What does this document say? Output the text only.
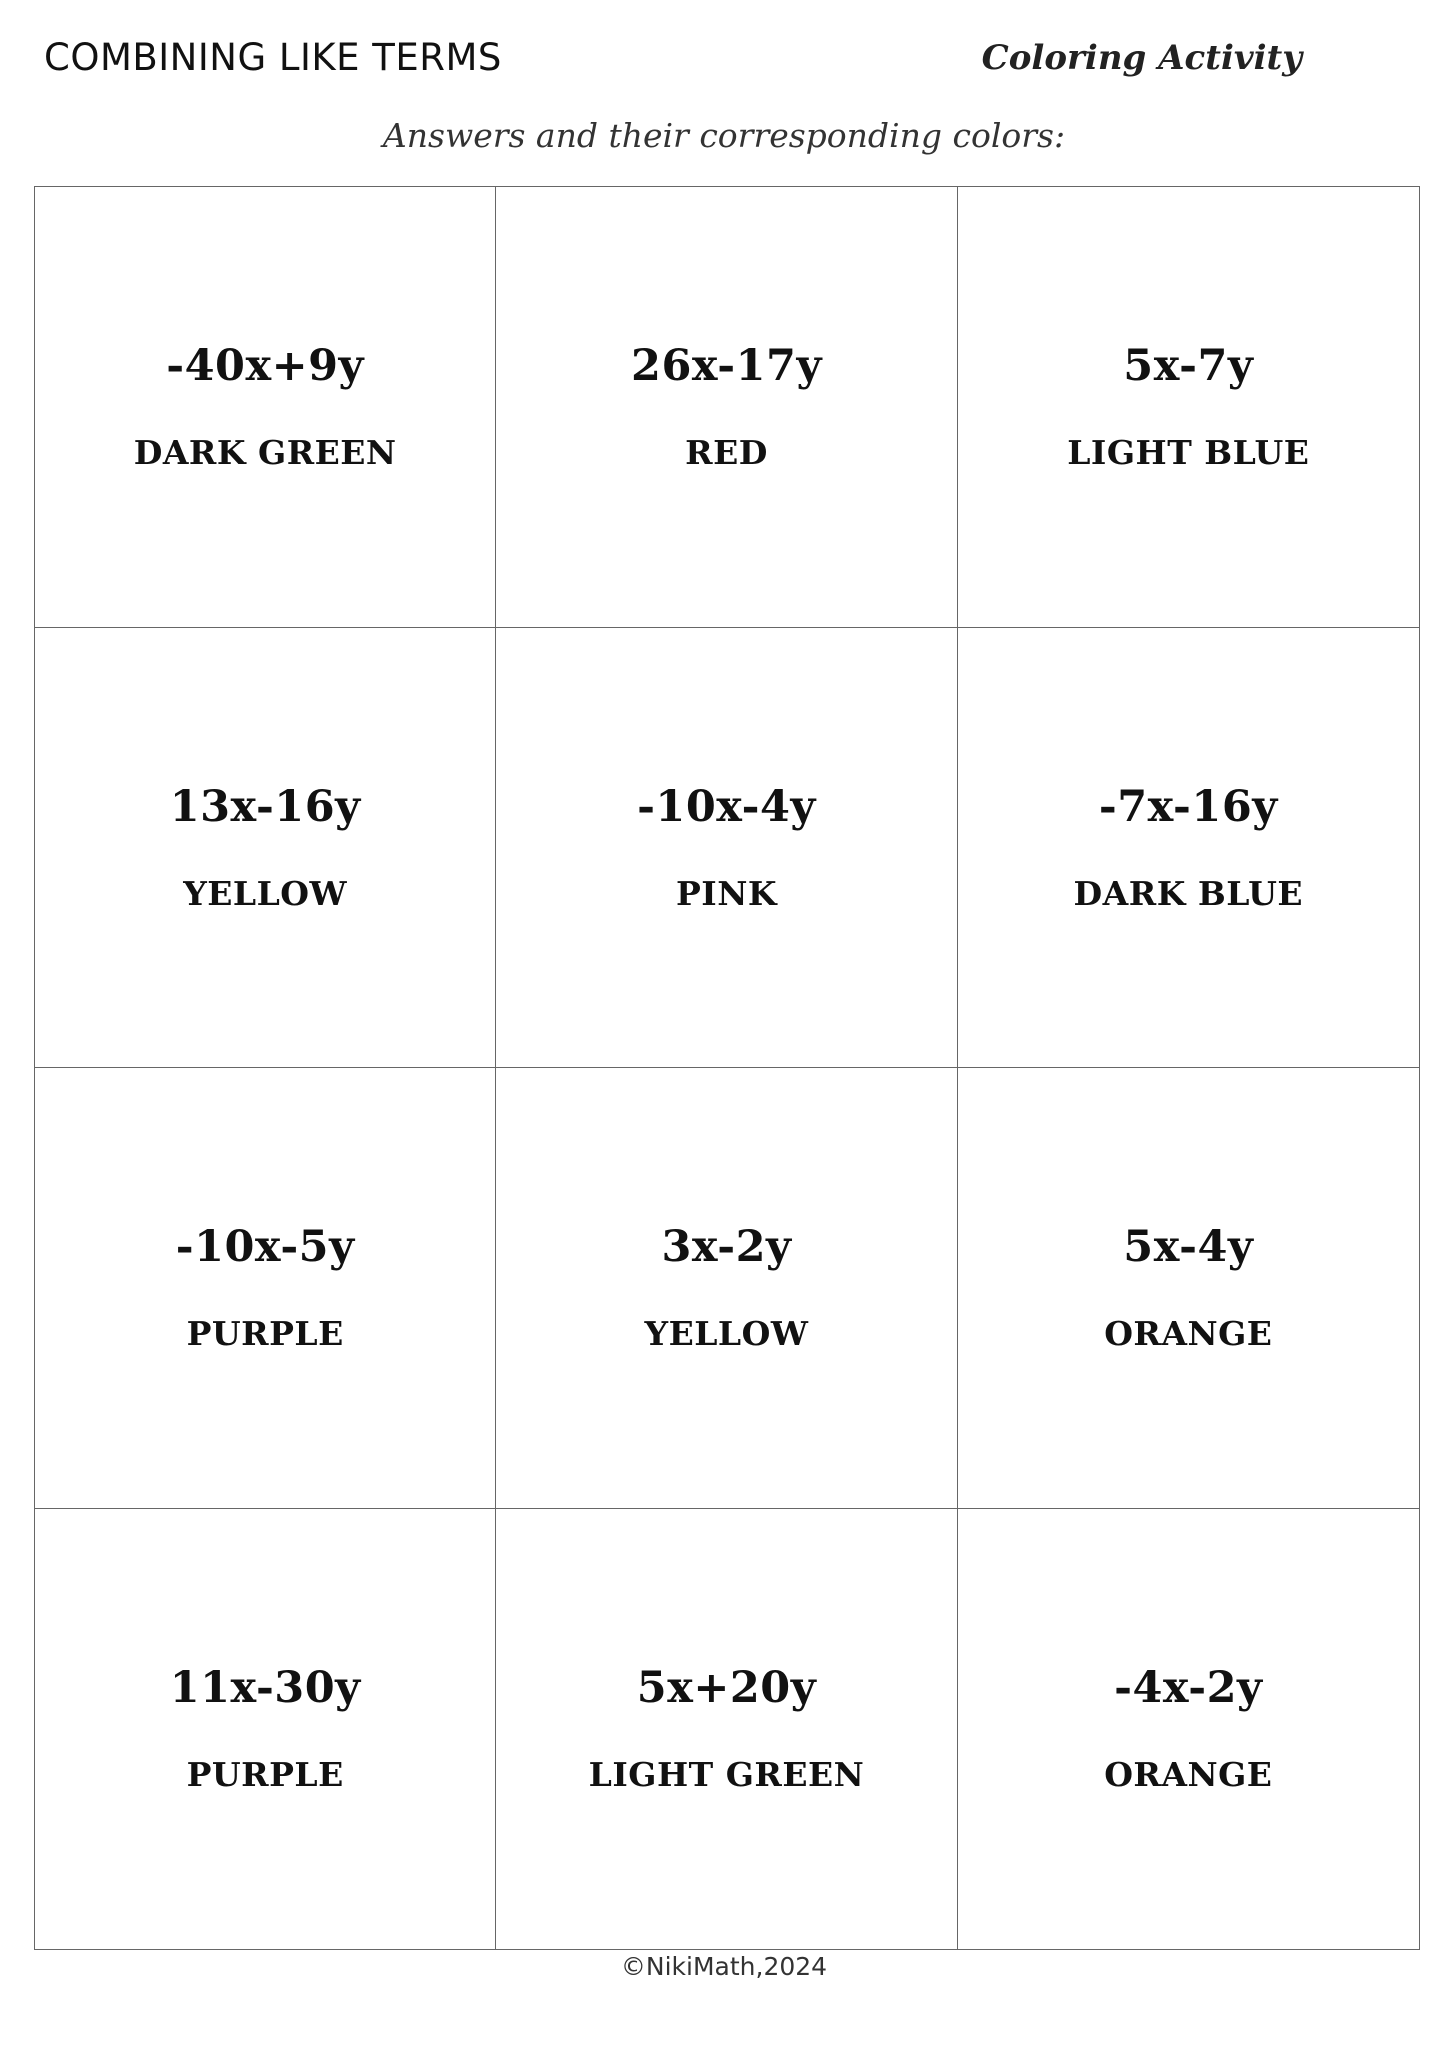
COMBINING LIKE TERMS	Coloring Activity
Answers and their corresponding colors:
-40x+9y
DARK GREEN
26x-17y
RED
5x-7y
LIGHT BLUE
13x-16y
YELLOW
-10x-4y
PINK
-7x-16y
DARK BLUE
-10x-5y
PURPLE
3x-2y
YELLOW
5x-4y
ORANGE
11x-30y
PURPLE
5x+20y
LIGHT GREEN
-4x-2y
ORANGE
©NikiMath,2024
